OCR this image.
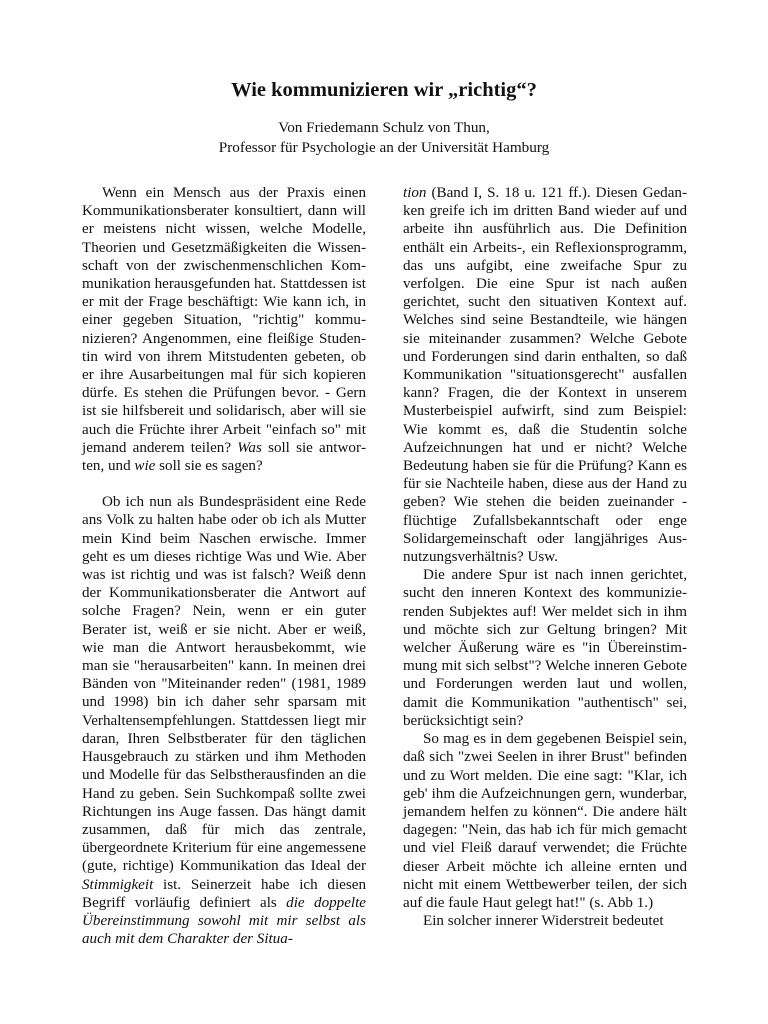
Wie kommunizieren wir „richtig“?
Von Friedemann Schulz von Thun,
Professor für Psychologie an der Universität Hamburg

Wenn ein Mensch aus der Praxis einen Kommunikationsberater konsultiert, dann will er meistens nicht wissen, welche Modelle, Theorien und Gesetzmäßigkeiten die Wissenschaft von der zwischenmenschlichen Kommunikation herausgefunden hat. Stattdessen ist er mit der Frage beschäftigt: Wie kann ich, in einer gegeben Situation, "richtig" kommunizieren? Angenommen, eine fleißige Studentin wird von ihrem Mitstudenten gebeten, ob er ihre Ausarbeitungen mal für sich kopieren dürfe. Es stehen die Prüfungen bevor. - Gern ist sie hilfsbereit und solidarisch, aber will sie auch die Früchte ihrer Arbeit "einfach so" mit jemand anderem teilen? Was soll sie antworten, und wie soll sie es sagen?

Ob ich nun als Bundespräsident eine Rede ans Volk zu halten habe oder ob ich als Mutter mein Kind beim Naschen erwische. Immer geht es um dieses richtige Was und Wie. Aber was ist richtig und was ist falsch? Weiß denn der Kommunikationsberater die Antwort auf solche Fragen? Nein, wenn er ein guter Berater ist, weiß er sie nicht. Aber er weiß, wie man die Antwort herausbekommt, wie man sie "herausarbeiten" kann. In meinen drei Bänden von "Miteinander reden" (1981, 1989 und 1998) bin ich daher sehr sparsam mit Verhaltensempfehlungen. Stattdessen liegt mir daran, Ihren Selbstberater für den täglichen Hausgebrauch zu stärken und ihm Methoden und Modelle für das Selbstherausfinden an die Hand zu geben. Sein Suchkompaß sollte zwei Richtungen ins Auge fassen. Das hängt damit zusammen, daß für mich das zentrale, übergeordnete Kriterium für eine angemessene (gute, richtige) Kommunikation das Ideal der Stimmigkeit ist. Seinerzeit habe ich diesen Begriff vorläufig definiert als die doppelte Übereinstimmung sowohl mit mir selbst als auch mit dem Charakter der Situa-

tion (Band I, S. 18 u. 121 ff.). Diesen Gedanken greife ich im dritten Band wieder auf und arbeite ihn ausführlich aus. Die Definition enthält ein Arbeits-, ein Reflexionsprogramm, das uns aufgibt, eine zweifache Spur zu verfolgen. Die eine Spur ist nach außen gerichtet, sucht den situativen Kontext auf. Welches sind seine Bestandteile, wie hängen sie miteinander zusammen? Welche Gebote und Forderungen sind darin enthalten, so daß Kommunikation "situationsgerecht" ausfallen kann? Fragen, die der Kontext in unserem Musterbeispiel aufwirft, sind zum Beispiel: Wie kommt es, daß die Studentin solche Aufzeichnungen hat und er nicht? Welche Bedeutung haben sie für die Prüfung? Kann es für sie Nachteile haben, diese aus der Hand zu geben? Wie stehen die beiden zueinander - flüchtige Zufallsbekanntschaft oder enge Solidargemeinschaft oder langjähriges Ausnutzungsverhältnis? Usw.

Die andere Spur ist nach innen gerichtet, sucht den inneren Kontext des kommunizierenden Subjektes auf! Wer meldet sich in ihm und möchte sich zur Geltung bringen? Mit welcher Äußerung wäre es "in Übereinstimmung mit sich selbst"? Welche inneren Gebote und Forderungen werden laut und wollen, damit die Kommunikation "authentisch" sei, berücksichtigt sein?

So mag es in dem gegebenen Beispiel sein, daß sich "zwei Seelen in ihrer Brust" befinden und zu Wort melden. Die eine sagt: "Klar, ich geb' ihm die Aufzeichnungen gern, wunderbar, jemandem helfen zu können“. Die andere hält dagegen: "Nein, das hab ich für mich gemacht und viel Fleiß darauf verwendet; die Früchte dieser Arbeit möchte ich alleine ernten und nicht mit einem Wettbewerber teilen, der sich auf die faule Haut gelegt hat!" (s. Abb 1.)

Ein solcher innerer Widerstreit bedeutet
